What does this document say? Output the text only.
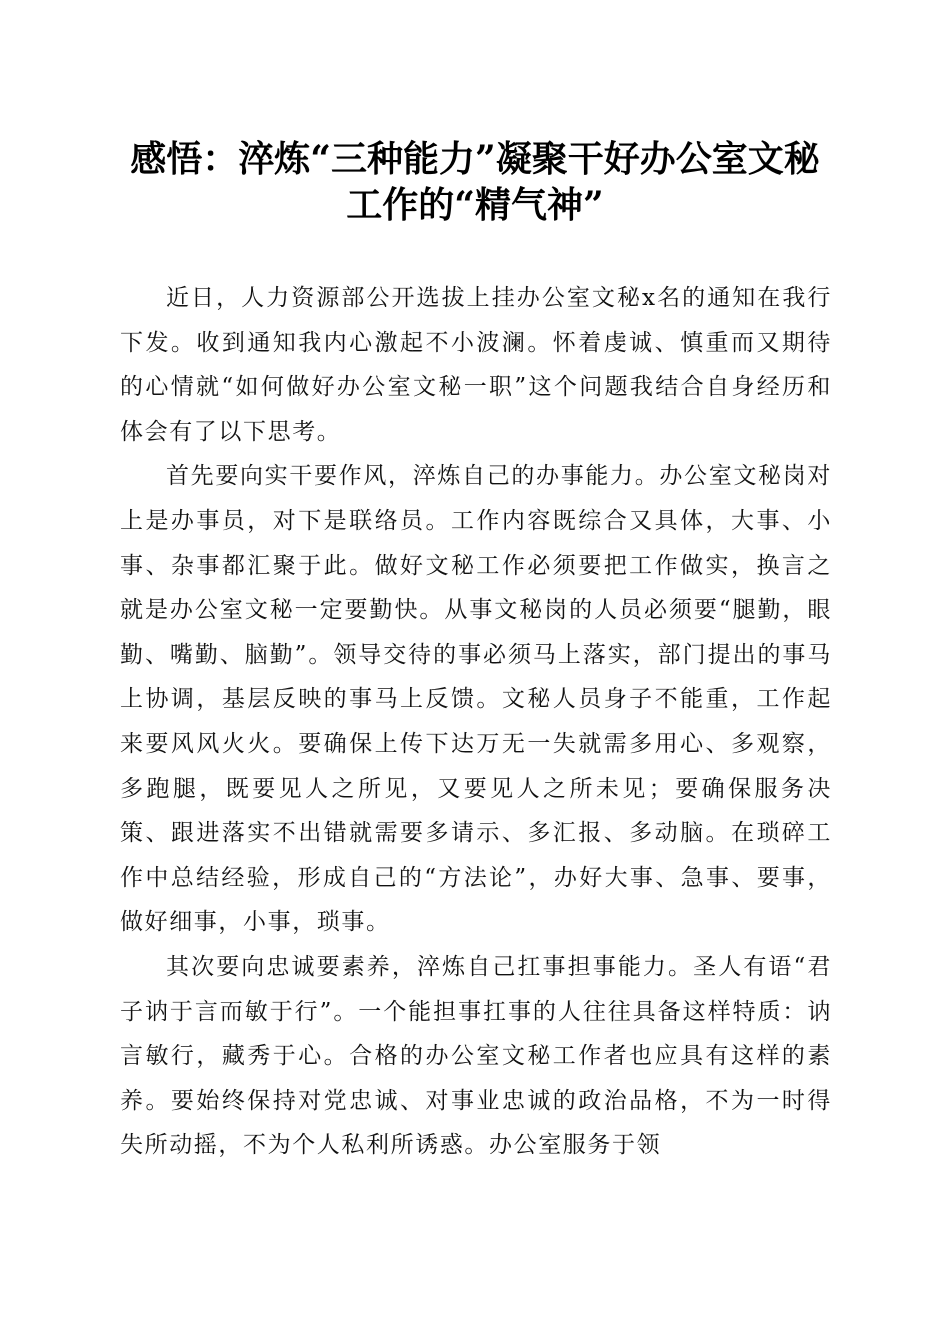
感悟：淬炼“三种能力”凝聚干好办公室文秘
工作的“精气神”

近日，人力资源部公开选拔上挂办公室文秘x名的通知在我行下发。收到通知我内心激起不小波澜。怀着虔诚、慎重而又期待的心情就“如何做好办公室文秘一职”这个问题我结合自身经历和体会有了以下思考。

首先要向实干要作风，淬炼自己的办事能力。办公室文秘岗对上是办事员，对下是联络员。工作内容既综合又具体，大事、小事、杂事都汇聚于此。做好文秘工作必须要把工作做实，换言之就是办公室文秘一定要勤快。从事文秘岗的人员必须要“腿勤，眼勤、嘴勤、脑勤”。领导交待的事必须马上落实，部门提出的事马上协调，基层反映的事马上反馈。文秘人员身子不能重，工作起来要风风火火。要确保上传下达万无一失就需多用心、多观察，多跑腿，既要见人之所见，又要见人之所未见；要确保服务决策、跟进落实不出错就需要多请示、多汇报、多动脑。在琐碎工作中总结经验，形成自己的“方法论”，办好大事、急事、要事，做好细事，小事，琐事。

其次要向忠诚要素养，淬炼自己扛事担事能力。圣人有语“君子讷于言而敏于行”。一个能担事扛事的人往往具备这样特质：讷言敏行，藏秀于心。合格的办公室文秘工作者也应具有这样的素养。要始终保持对党忠诚、对事业忠诚的政治品格，不为一时得失所动摇，不为个人私利所诱惑。办公室服务于领
